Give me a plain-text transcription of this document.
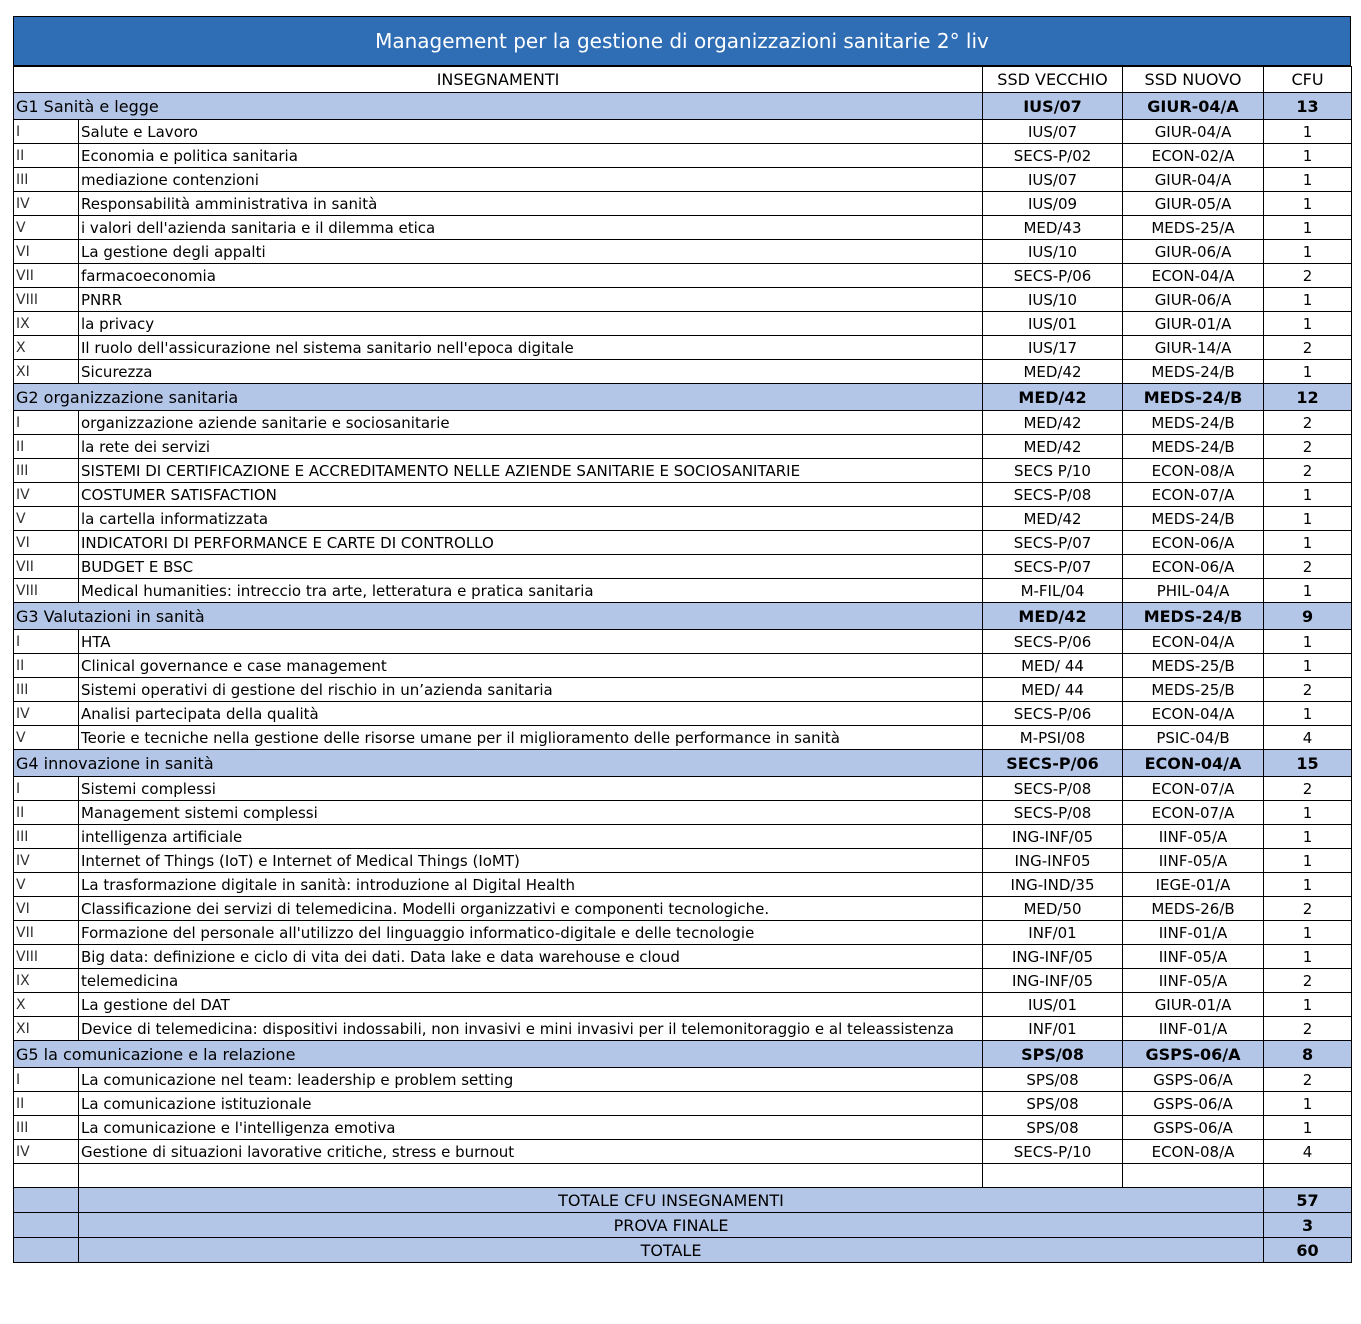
Management per la gestione di organizzazioni sanitarie 2° liv
INSEGNAMENTI		SSD VECCHIO	SSD NUOVO	CFU
G1 Sanità e legge		IUS/07	GIUR-04/A	13
I	Salute e Lavoro	IUS/07	GIUR-04/A	1
II	Economia e politica sanitaria	SECS-P/02	ECON-02/A	1
III	mediazione contenzioni	IUS/07	GIUR-04/A	1
IV	Responsabilità amministrativa in sanità	IUS/09	GIUR-05/A	1
V	i valori dell'azienda sanitaria e il dilemma etica	MED/43	MEDS-25/A	1
VI	La gestione degli appalti	IUS/10	GIUR-06/A	1
VII	farmacoeconomia	SECS-P/06	ECON-04/A	2
VIII	PNRR	IUS/10	GIUR-06/A	1
IX	la privacy	IUS/01	GIUR-01/A	1
X	Il ruolo dell'assicurazione nel sistema sanitario nell'epoca digitale	IUS/17	GIUR-14/A	2
XI	Sicurezza	MED/42	MEDS-24/B	1
G2 organizzazione sanitaria		MED/42	MEDS-24/B	12
I	organizzazione aziende sanitarie e sociosanitarie	MED/42	MEDS-24/B	2
II	la rete dei servizi	MED/42	MEDS-24/B	2
III	SISTEMI DI CERTIFICAZIONE E ACCREDITAMENTO NELLE AZIENDE SANITARIE E SOCIOSANITARIE	SECS P/10	ECON-08/A	2
IV	COSTUMER SATISFACTION	SECS-P/08	ECON-07/A	1
V	la cartella informatizzata	MED/42	MEDS-24/B	1
VI	INDICATORI DI PERFORMANCE E CARTE DI CONTROLLO	SECS-P/07	ECON-06/A	1
VII	BUDGET E BSC	SECS-P/07	ECON-06/A	2
VIII	Medical humanities: intreccio tra arte, letteratura e pratica sanitaria	M-FIL/04	PHIL-04/A	1
G3 Valutazioni in sanità		MED/42	MEDS-24/B	9
I	HTA	SECS-P/06	ECON-04/A	1
II	Clinical governance e case management	MED/ 44	MEDS-25/B	1
III	Sistemi operativi di gestione del rischio in un’azienda sanitaria	MED/ 44	MEDS-25/B	2
IV	Analisi partecipata della qualità	SECS-P/06	ECON-04/A	1
V	Teorie e tecniche nella gestione delle risorse umane per il miglioramento delle performance in sanità	M-PSI/08	PSIC-04/B	4
G4 innovazione in sanità		SECS-P/06	ECON-04/A	15
I	Sistemi complessi	SECS-P/08	ECON-07/A	2
II	Management sistemi complessi	SECS-P/08	ECON-07/A	1
III	intelligenza artificiale	ING-INF/05	IINF-05/A	1
IV	Internet of Things (IoT) e Internet of Medical Things (IoMT)	ING-INF05	IINF-05/A	1
V	La trasformazione digitale in sanità: introduzione al Digital Health	ING-IND/35	IEGE-01/A	1
VI	Classificazione dei servizi di telemedicina. Modelli organizzativi e componenti tecnologiche.	MED/50	MEDS-26/B	2
VII	Formazione del personale all'utilizzo del linguaggio informatico-digitale e delle tecnologie	INF/01	IINF-01/A	1
VIII	Big data: definizione e ciclo di vita dei dati. Data lake e data warehouse e cloud	ING-INF/05	IINF-05/A	1
IX	telemedicina	ING-INF/05	IINF-05/A	2
X	La gestione del DAT	IUS/01	GIUR-01/A	1
XI	Device di telemedicina: dispositivi indossabili, non invasivi e mini invasivi per il telemonitoraggio e al teleassistenza	INF/01	IINF-01/A	2
G5 la comunicazione e la relazione		SPS/08	GSPS-06/A	8
I	La comunicazione nel team: leadership e problem setting	SPS/08	GSPS-06/A	2
II	La comunicazione istituzionale	SPS/08	GSPS-06/A	1
III	La comunicazione e l'intelligenza emotiva	SPS/08	GSPS-06/A	1
IV	Gestione di situazioni lavorative critiche, stress e burnout	SECS-P/10	ECON-08/A	4

	TOTALE CFU INSEGNAMENTI			57
	PROVA FINALE			3
	TOTALE			60
